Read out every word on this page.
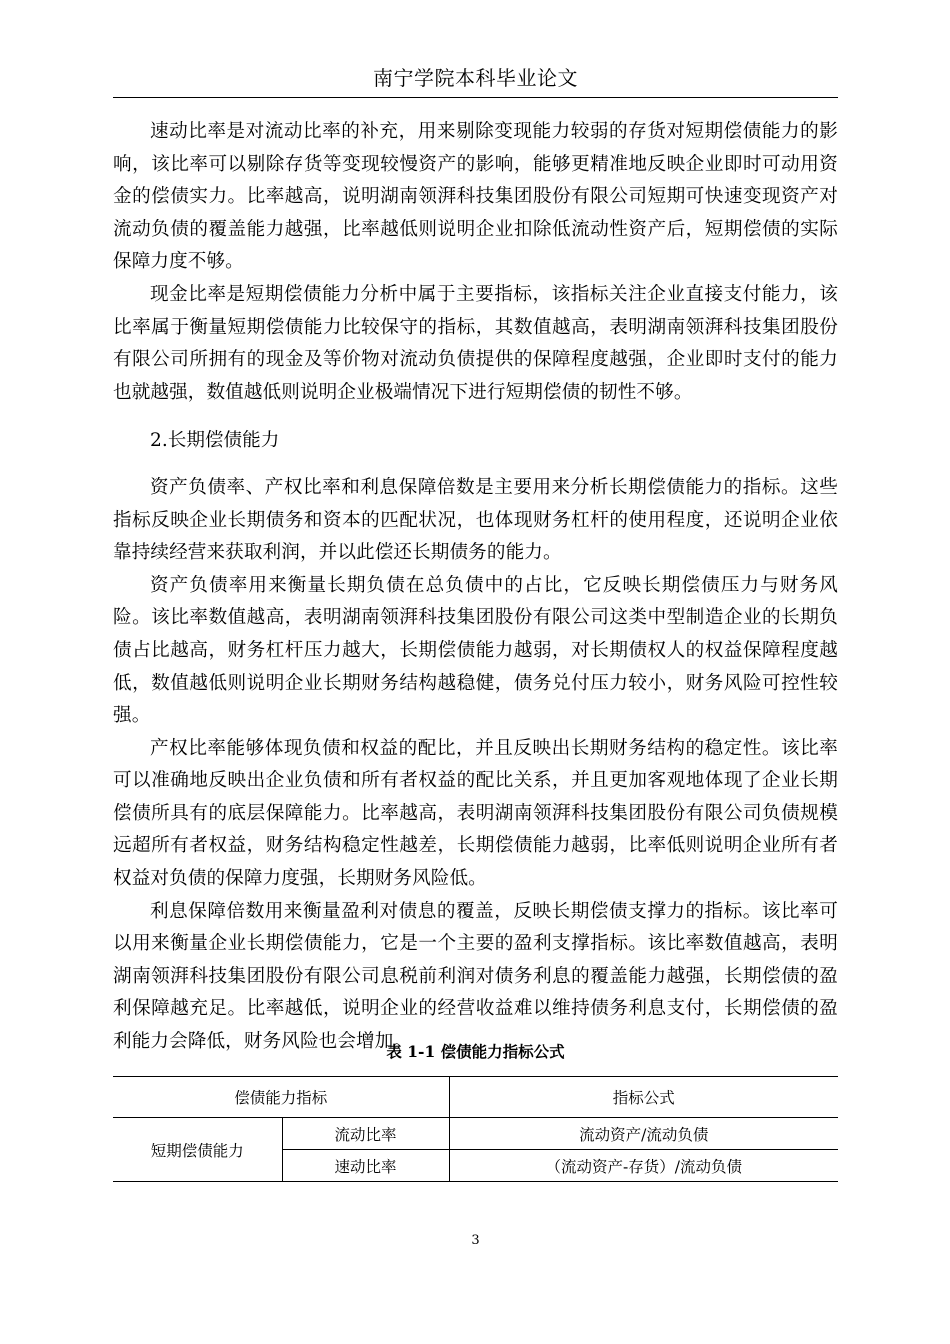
南宁学院本科毕业论文

速动比率是对流动比率的补充，用来剔除变现能力较弱的存货对短期偿债能力的影响，该比率可以剔除存货等变现较慢资产的影响，能够更精准地反映企业即时可动用资金的偿债实力。比率越高，说明湖南领湃科技集团股份有限公司短期可快速变现资产对流动负债的覆盖能力越强，比率越低则说明企业扣除低流动性资产后，短期偿债的实际保障力度不够。

现金比率是短期偿债能力分析中属于主要指标，该指标关注企业直接支付能力，该比率属于衡量短期偿债能力比较保守的指标，其数值越高，表明湖南领湃科技集团股份有限公司所拥有的现金及等价物对流动负债提供的保障程度越强，企业即时支付的能力也就越强，数值越低则说明企业极端情况下进行短期偿债的韧性不够。

2.长期偿债能力

资产负债率、产权比率和利息保障倍数是主要用来分析长期偿债能力的指标。这些指标反映企业长期债务和资本的匹配状况，也体现财务杠杆的使用程度，还说明企业依靠持续经营来获取利润，并以此偿还长期债务的能力。

资产负债率用来衡量长期负债在总负债中的占比，它反映长期偿债压力与财务风险。该比率数值越高，表明湖南领湃科技集团股份有限公司这类中型制造企业的长期负债占比越高，财务杠杆压力越大，长期偿债能力越弱，对长期债权人的权益保障程度越低，数值越低则说明企业长期财务结构越稳健，债务兑付压力较小，财务风险可控性较强。

产权比率能够体现负债和权益的配比，并且反映出长期财务结构的稳定性。该比率可以准确地反映出企业负债和所有者权益的配比关系，并且更加客观地体现了企业长期偿债所具有的底层保障能力。比率越高，表明湖南领湃科技集团股份有限公司负债规模远超所有者权益，财务结构稳定性越差，长期偿债能力越弱，比率低则说明企业所有者权益对负债的保障力度强，长期财务风险低。

利息保障倍数用来衡量盈利对债息的覆盖，反映长期偿债支撑力的指标。该比率可以用来衡量企业长期偿债能力，它是一个主要的盈利支撑指标。该比率数值越高，表明湖南领湃科技集团股份有限公司息税前利润对债务利息的覆盖能力越强，长期偿债的盈利保障越充足。比率越低，说明企业的经营收益难以维持债务利息支付，长期偿债的盈利能力会降低，财务风险也会增加。

表 1-1 偿债能力指标公式
偿债能力指标		指标公式
短期偿债能力	流动比率	流动资产/流动负债
	速动比率	（流动资产-存货）/流动负债
3
